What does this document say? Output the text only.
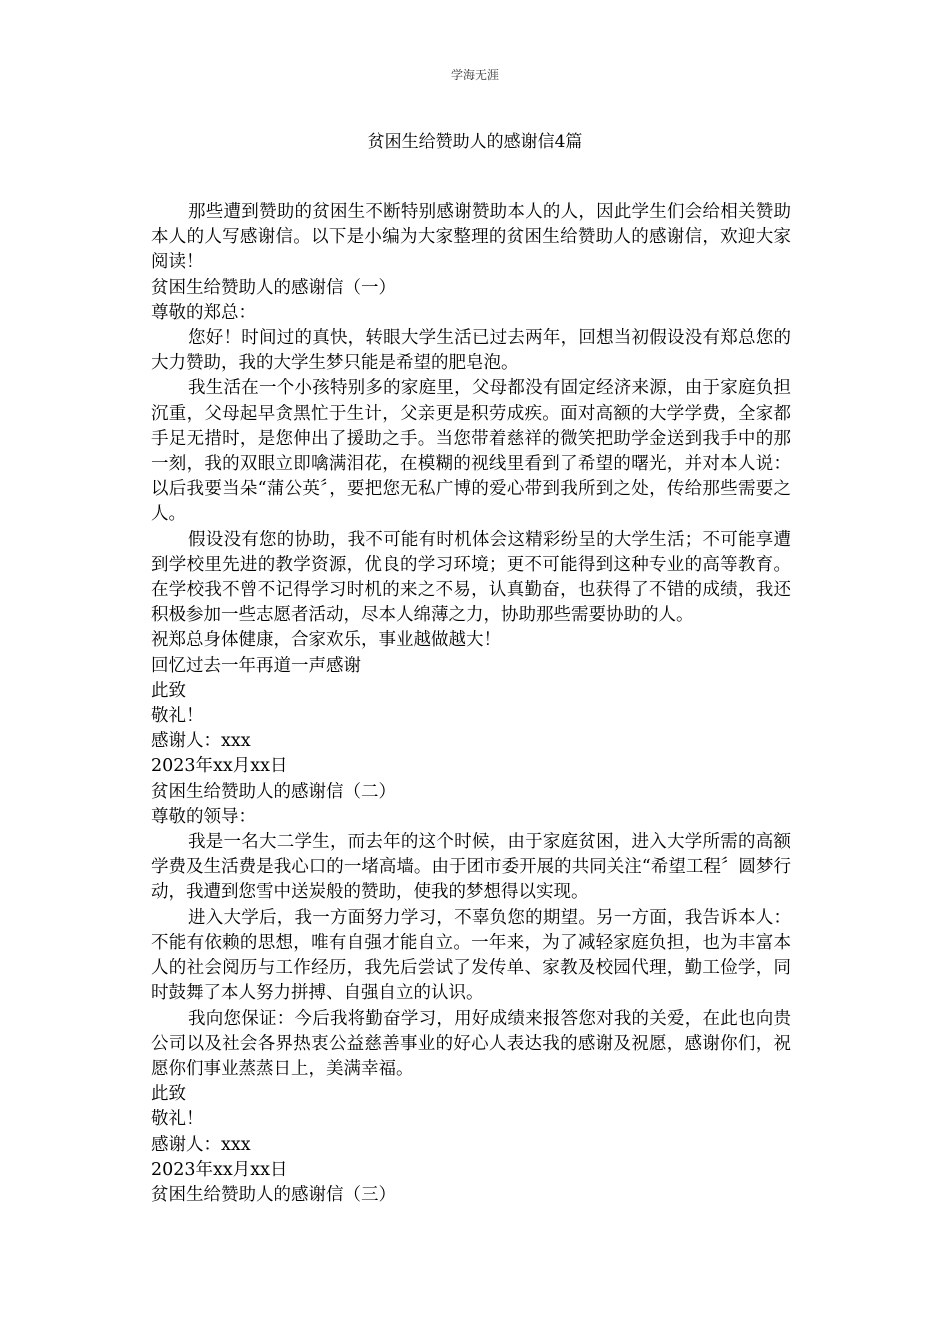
学海无涯
贫困生给赞助人的感谢信4篇

那些遭到赞助的贫困生不断特别感谢赞助本人的人，因此学生们会给相关赞助本人的人写感谢信。以下是小编为大家整理的贫困生给赞助人的感谢信，欢迎大家阅读！

贫困生给赞助人的感谢信（一）

尊敬的郑总：

您好！时间过的真快，转眼大学生活已过去两年，回想当初假设没有郑总您的大力赞助，我的大学生梦只能是希望的肥皂泡。

我生活在一个小孩特别多的家庭里，父母都没有固定经济来源，由于家庭负担沉重，父母起早贪黑忙于生计，父亲更是积劳成疾。面对高额的大学学费，全家都手足无措时，是您伸出了援助之手。当您带着慈祥的微笑把助学金送到我手中的那一刻，我的双眼立即噙满泪花，在模糊的视线里看到了希望的曙光，并对本人说：以后我要当朵“蒲公英〞，要把您无私广博的爱心带到我所到之处，传给那些需要之人。

假设没有您的协助，我不可能有时机体会这精彩纷呈的大学生活；不可能享遭到学校里先进的教学资源，优良的学习环境；更不可能得到这种专业的高等教育。在学校我不曾不记得学习时机的来之不易，认真勤奋，也获得了不错的成绩，我还积极参加一些志愿者活动，尽本人绵薄之力，协助那些需要协助的人。

祝郑总身体健康，合家欢乐，事业越做越大！

回忆过去一年再道一声感谢

此致

敬礼！

感谢人：xxx

2023年xx月xx日

贫困生给赞助人的感谢信（二）

尊敬的领导：

我是一名大二学生，而去年的这个时候，由于家庭贫困，进入大学所需的高额学费及生活费是我心口的一堵高墙。由于团市委开展的共同关注“希望工程〞圆梦行动，我遭到您雪中送炭般的赞助，使我的梦想得以实现。

进入大学后，我一方面努力学习，不辜负您的期望。另一方面，我告诉本人：不能有依赖的思想，唯有自强才能自立。一年来，为了减轻家庭负担，也为丰富本人的社会阅历与工作经历，我先后尝试了发传单、家教及校园代理，勤工俭学，同时鼓舞了本人努力拼搏、自强自立的认识。

我向您保证：今后我将勤奋学习，用好成绩来报答您对我的关爱，在此也向贵公司以及社会各界热衷公益慈善事业的好心人表达我的感谢及祝愿，感谢你们，祝愿你们事业蒸蒸日上，美满幸福。

此致

敬礼！

感谢人：xxx

2023年xx月xx日

贫困生给赞助人的感谢信（三）
